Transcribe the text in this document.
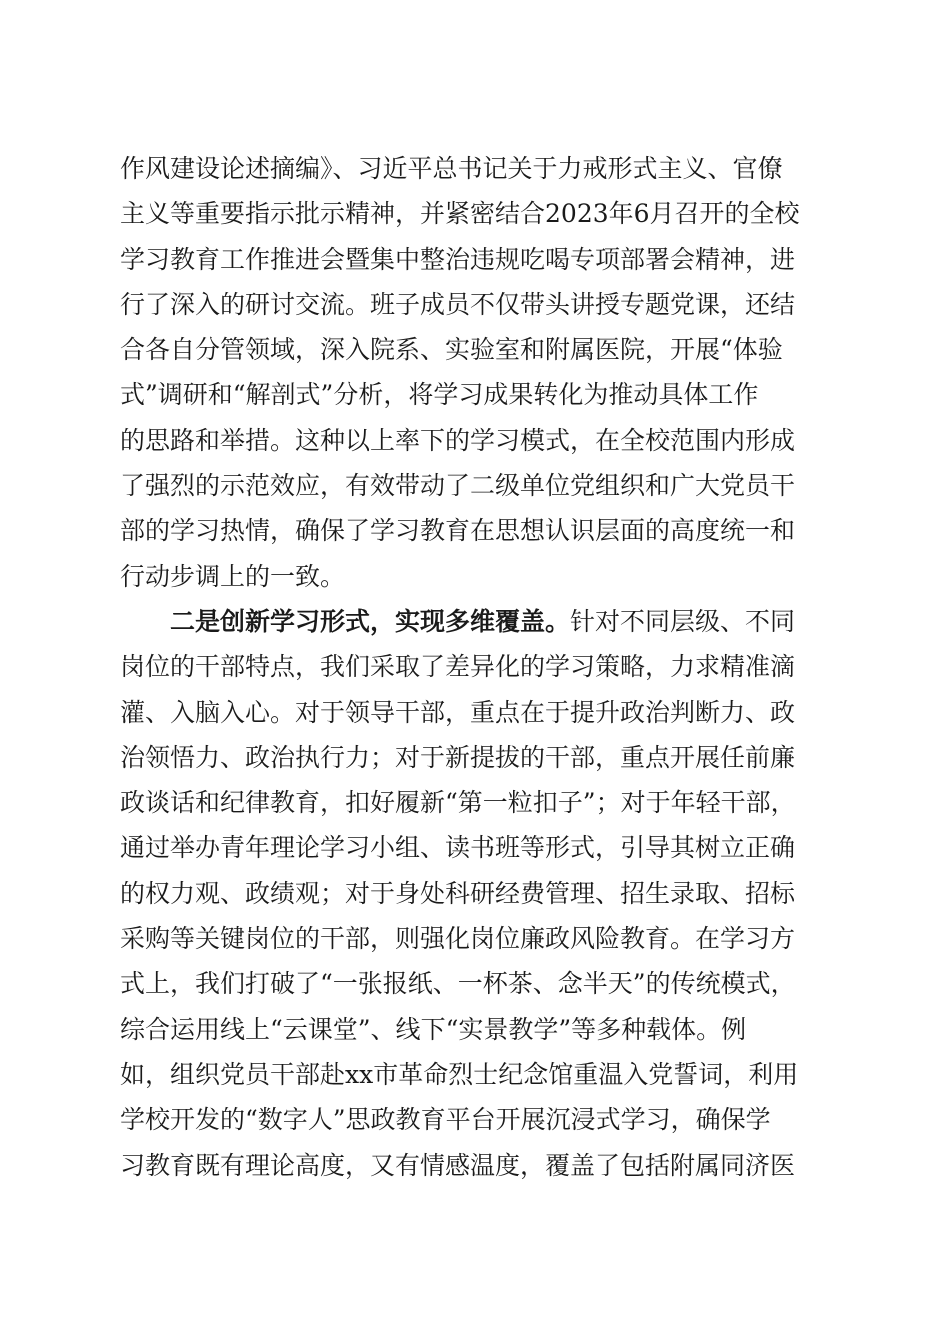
作风建设论述摘编》、习近平总书记关于力戒形式主义、官僚
主义等重要指示批示精神，并紧密结合2023年6月召开的全校
学习教育工作推进会暨集中整治违规吃喝专项部署会精神，进
行了深入的研讨交流。班子成员不仅带头讲授专题党课，还结
合各自分管领域，深入院系、实验室和附属医院，开展“体验
式”调研和“解剖式”分析，将学习成果转化为推动具体工作
的思路和举措。这种以上率下的学习模式，在全校范围内形成
了强烈的示范效应，有效带动了二级单位党组织和广大党员干
部的学习热情，确保了学习教育在思想认识层面的高度统一和
行动步调上的一致。
二是创新学习形式，实现多维覆盖。针对不同层级、不同
岗位的干部特点，我们采取了差异化的学习策略，力求精准滴
灌、入脑入心。对于领导干部，重点在于提升政治判断力、政
治领悟力、政治执行力；对于新提拔的干部，重点开展任前廉
政谈话和纪律教育，扣好履新“第一粒扣子”；对于年轻干部，
通过举办青年理论学习小组、读书班等形式，引导其树立正确
的权力观、政绩观；对于身处科研经费管理、招生录取、招标
采购等关键岗位的干部，则强化岗位廉政风险教育。在学习方
式上，我们打破了“一张报纸、一杯茶、念半天”的传统模式，
综合运用线上“云课堂”、线下“实景教学”等多种载体。例
如，组织党员干部赴xx市革命烈士纪念馆重温入党誓词，利用
学校开发的“数字人”思政教育平台开展沉浸式学习，确保学
习教育既有理论高度，又有情感温度，覆盖了包括附属同济医
